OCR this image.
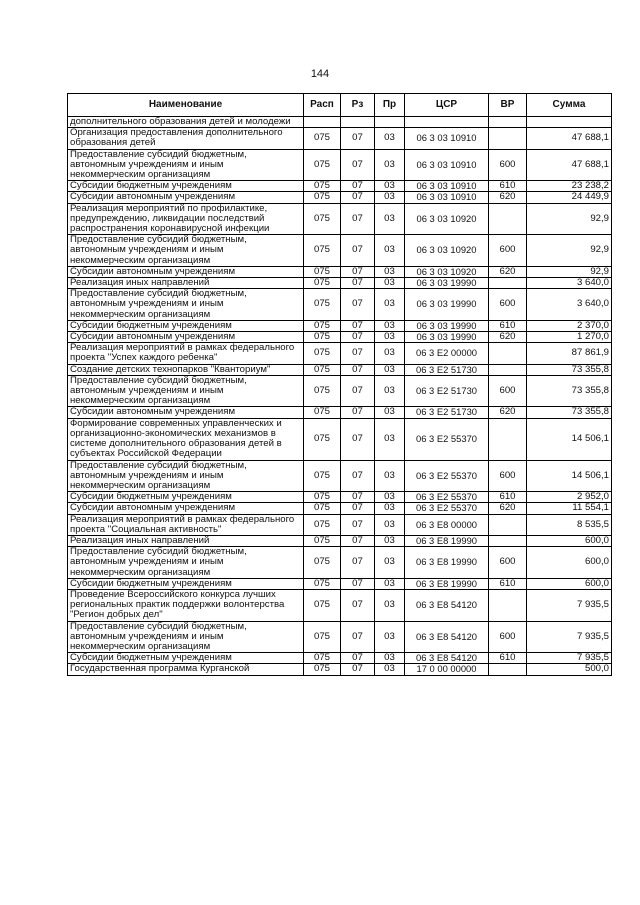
144
Наименование	Расп	Рз	Пр	ЦСР	ВР	Сумма
дополнительного образования детей и молодежи						
Организация предоставления дополнительного образования детей	075	07	03	06 3 03 10910		47 688,1
Предоставление субсидий бюджетным, автономным учреждениям и иным некоммерческим организациям	075	07	03	06 3 03 10910	600	47 688,1
Субсидии бюджетным учреждениям	075	07	03	06 3 03 10910	610	23 238,2
Субсидии автономным учреждениям	075	07	03	06 3 03 10910	620	24 449,9
Реализация мероприятий по профилактике, предупреждению, ликвидации последствий распространения коронавирусной инфекции	075	07	03	06 3 03 10920		92,9
Предоставление субсидий бюджетным, автономным учреждениям и иным некоммерческим организациям	075	07	03	06 3 03 10920	600	92,9
Субсидии автономным учреждениям	075	07	03	06 3 03 10920	620	92,9
Реализация иных направлений	075	07	03	06 3 03 19990		3 640,0
Предоставление субсидий бюджетным, автономным учреждениям и иным некоммерческим организациям	075	07	03	06 3 03 19990	600	3 640,0
Субсидии бюджетным учреждениям	075	07	03	06 3 03 19990	610	2 370,0
Субсидии автономным учреждениям	075	07	03	06 3 03 19990	620	1 270,0
Реализация мероприятий в рамках федерального проекта "Успех каждого ребенка"	075	07	03	06 3 E2 00000		87 861,9
Создание детских технопарков "Кванториум"	075	07	03	06 3 E2 51730		73 355,8
Предоставление субсидий бюджетным, автономным учреждениям и иным некоммерческим организациям	075	07	03	06 3 E2 51730	600	73 355,8
Субсидии автономным учреждениям	075	07	03	06 3 E2 51730	620	73 355,8
Формирование современных управленческих и организационно-экономических механизмов в системе дополнительного образования детей в субъектах Российской Федерации	075	07	03	06 3 E2 55370		14 506,1
Предоставление субсидий бюджетным, автономным учреждениям и иным некоммерческим организациям	075	07	03	06 3 E2 55370	600	14 506,1
Субсидии бюджетным учреждениям	075	07	03	06 3 E2 55370	610	2 952,0
Субсидии автономным учреждениям	075	07	03	06 3 E2 55370	620	11 554,1
Реализация мероприятий в рамках федерального проекта "Социальная активность"	075	07	03	06 3 E8 00000		8 535,5
Реализация иных направлений	075	07	03	06 3 E8 19990		600,0
Предоставление субсидий бюджетным, автономным учреждениям и иным некоммерческим организациям	075	07	03	06 3 E8 19990	600	600,0
Субсидии бюджетным учреждениям	075	07	03	06 3 E8 19990	610	600,0
Проведение Всероссийского конкурса лучших региональных практик поддержки волонтерства "Регион добрых дел"	075	07	03	06 3 E8 54120		7 935,5
Предоставление субсидий бюджетным, автономным учреждениям и иным некоммерческим организациям	075	07	03	06 3 E8 54120	600	7 935,5
Субсидии бюджетным учреждениям	075	07	03	06 3 E8 54120	610	7 935,5
Государственная программа Курганской	075	07	03	17 0 00 00000		500,0
